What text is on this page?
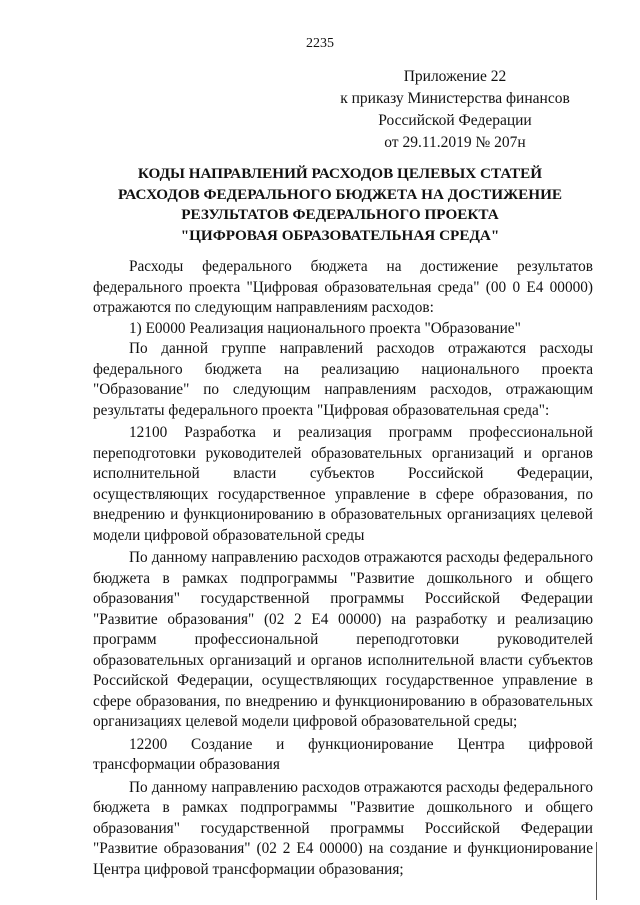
2235
Приложение 22
к приказу Министерства финансов
Российской Федерации
от 29.11.2019 № 207н
КОДЫ НАПРАВЛЕНИЙ РАСХОДОВ ЦЕЛЕВЫХ СТАТЕЙ
РАСХОДОВ ФЕДЕРАЛЬНОГО БЮДЖЕТА НА ДОСТИЖЕНИЕ
РЕЗУЛЬТАТОВ ФЕДЕРАЛЬНОГО ПРОЕКТА
"ЦИФРОВАЯ ОБРАЗОВАТЕЛЬНАЯ СРЕДА"

Расходы федерального бюджета на достижение результатов федерального проекта "Цифровая образовательная среда" (00 0 Е4 00000) отражаются по следующим направлениям расходов:

1) Е0000 Реализация национального проекта "Образование"

По данной группе направлений расходов отражаются расходы федерального бюджета на реализацию национального проекта "Образование" по следующим направлениям расходов, отражающим результаты федерального проекта "Цифровая образовательная среда":

12100 Разработка и реализация программ профессиональной переподготовки руководителей образовательных организаций и органов исполнительной власти субъектов Российской Федерации, осуществляющих государственное управление в сфере образования, по внедрению и функционированию в образовательных организациях целевой модели цифровой образовательной среды

По данному направлению расходов отражаются расходы федерального бюджета в рамках подпрограммы "Развитие дошкольного и общего образования" государственной программы Российской Федерации "Развитие образования" (02 2 Е4 00000) на разработку и реализацию программ профессиональной переподготовки руководителей образовательных организаций и органов исполнительной власти субъектов Российской Федерации, осуществляющих государственное управление в сфере образования, по внедрению и функционированию в образовательных организациях целевой модели цифровой образовательной среды;

12200 Создание и функционирование Центра цифровой трансформации образования

По данному направлению расходов отражаются расходы федерального бюджета в рамках подпрограммы "Развитие дошкольного и общего образования" государственной программы Российской Федерации "Развитие образования" (02 2 Е4 00000) на создание и функционирование Центра цифровой трансформации образования;
